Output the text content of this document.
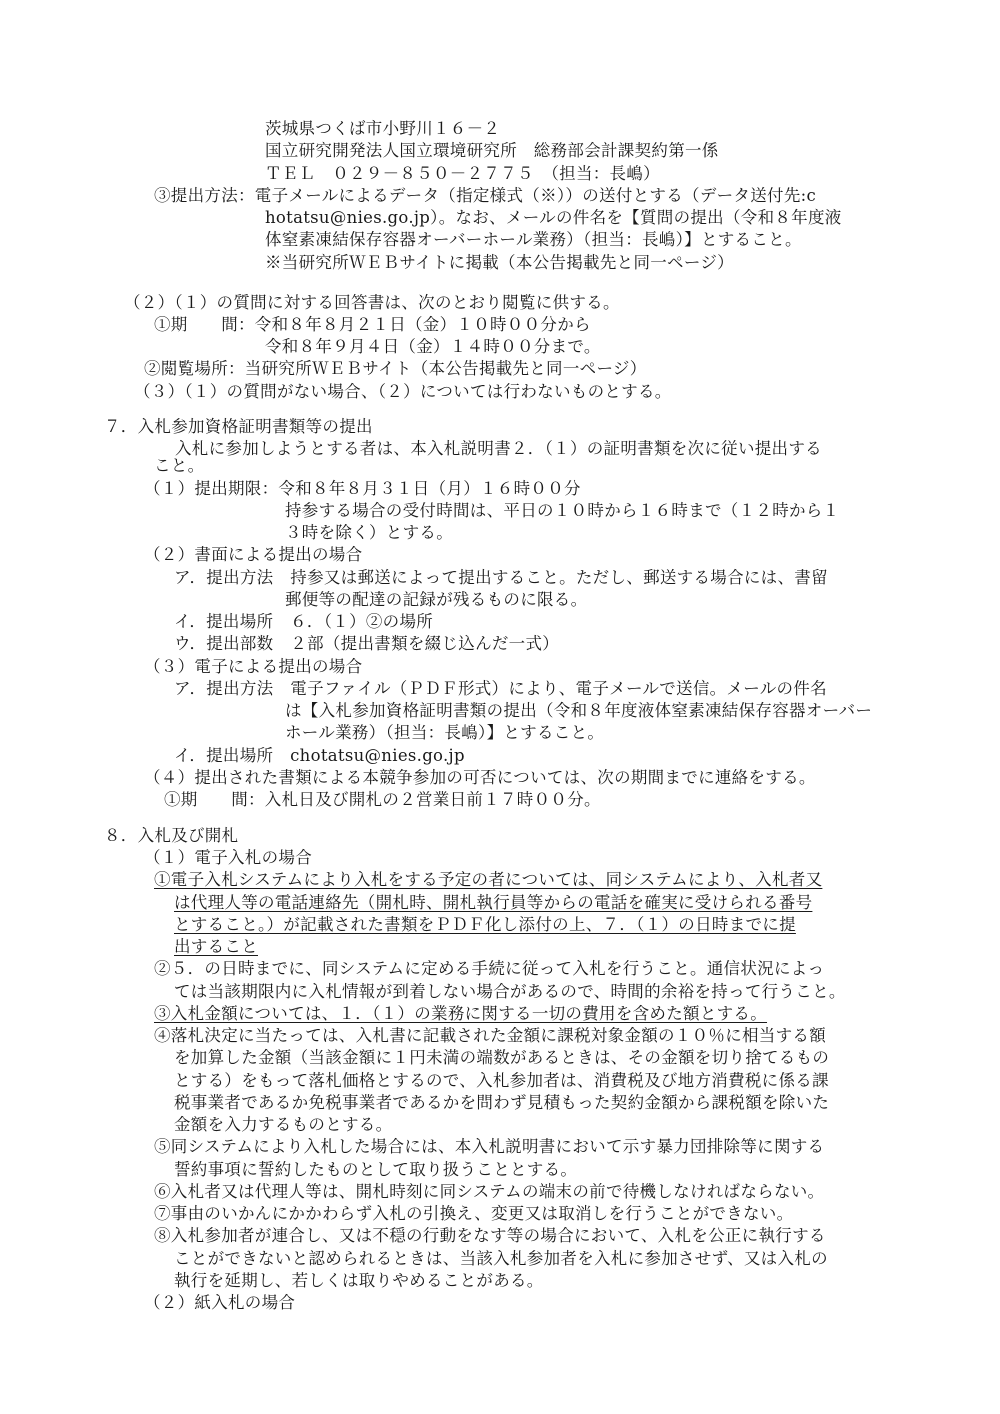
茨城県つくば市小野川１６－２
国立研究開発法人国立環境研究所　総務部会計課契約第一係
ＴＥＬ　０２９－８５０－２７７５　（担当：長嶋）
③提出方法：電子メールによるデータ（指定様式（※））の送付とする（データ送付先:c
hotatsu@nies.go.jp）。なお、メールの件名を【質問の提出（令和８年度液
体窒素凍結保存容器オーバーホール業務）（担当：長嶋）】とすること。
※当研究所ＷＥＢサイトに掲載（本公告掲載先と同一ページ）
（２）（１）の質問に対する回答書は、次のとおり閲覧に供する。
①期　　間：令和８年８月２１日（金）１０時００分から
令和８年９月４日（金）１４時００分まで。
②閲覧場所：当研究所ＷＥＢサイト（本公告掲載先と同一ページ）
（３）（１）の質問がない場合、（２）については行わないものとする。
７．入札参加資格証明書類等の提出
入札に参加しようとする者は、本入札説明書２．（１）の証明書類を次に従い提出する
こと。
（１）提出期限：令和８年８月３１日（月）１６時００分
持参する場合の受付時間は、平日の１０時から１６時まで（１２時から１
３時を除く）とする。
（２）書面による提出の場合
ア．提出方法　持参又は郵送によって提出すること。ただし、郵送する場合には、書留
郵便等の配達の記録が残るものに限る。
イ．提出場所　６．（１）②の場所
ウ．提出部数　２部（提出書類を綴じ込んだ一式）
（３）電子による提出の場合
ア．提出方法　電子ファイル（ＰＤＦ形式）により、電子メールで送信。メールの件名
は【入札参加資格証明書類の提出（令和８年度液体窒素凍結保存容器オーバー
ホール業務）（担当：長嶋）】とすること。
イ．提出場所　chotatsu@nies.go.jp
（４）提出された書類による本競争参加の可否については、次の期間までに連絡をする。
①期　　間：入札日及び開札の２営業日前１７時００分。
８．入札及び開札
（１）電子入札の場合
①電子入札システムにより入札をする予定の者については、同システムにより、入札者又
は代理人等の電話連絡先（開札時、開札執行員等からの電話を確実に受けられる番号
とすること。）が記載された書類をＰＤＦ化し添付の上、７．（１）の日時までに提
出すること
②５．の日時までに、同システムに定める手続に従って入札を行うこと。通信状況によっ
ては当該期限内に入札情報が到着しない場合があるので、時間的余裕を持って行うこと。
③入札金額については、１．（１）の業務に関する一切の費用を含めた額とする。
④落札決定に当たっては、入札書に記載された金額に課税対象金額の１０％に相当する額
を加算した金額（当該金額に１円未満の端数があるときは、その金額を切り捨てるもの
とする）をもって落札価格とするので、入札参加者は、消費税及び地方消費税に係る課
税事業者であるか免税事業者であるかを問わず見積もった契約金額から課税額を除いた
金額を入力するものとする。
⑤同システムにより入札した場合には、本入札説明書において示す暴力団排除等に関する
誓約事項に誓約したものとして取り扱うこととする。
⑥入札者又は代理人等は、開札時刻に同システムの端末の前で待機しなければならない。
⑦事由のいかんにかかわらず入札の引換え、変更又は取消しを行うことができない。
⑧入札参加者が連合し、又は不穏の行動をなす等の場合において、入札を公正に執行する
ことができないと認められるときは、当該入札参加者を入札に参加させず、又は入札の
執行を延期し、若しくは取りやめることがある。
（２）紙入札の場合
